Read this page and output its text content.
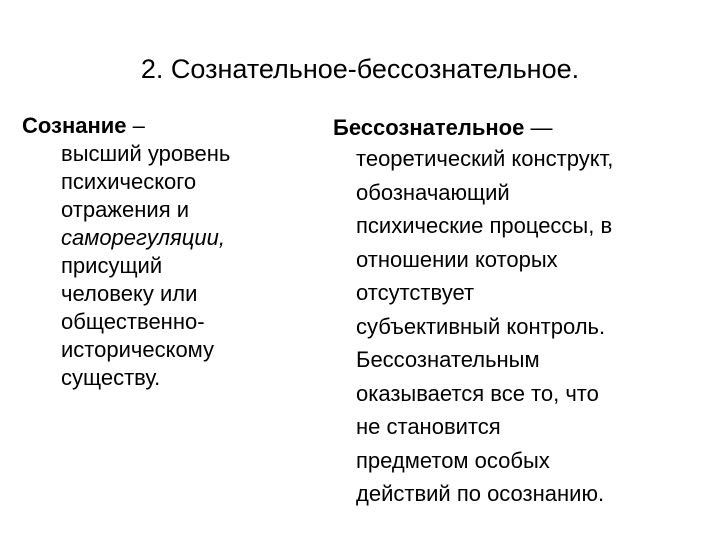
2. Сознательное-бессознательное.

Сознание –

высший уровень
психического
отражения и
саморегуляции,
присущий
человеку или
общественно-
историческому
существу.

Бессознательное —

теоретический конструкт,
обозначающий
психические процессы, в
отношении которых
отсутствует
субъективный контроль.
Бессознательным
оказывается все то, что
не становится
предметом особых
действий по осознанию.
